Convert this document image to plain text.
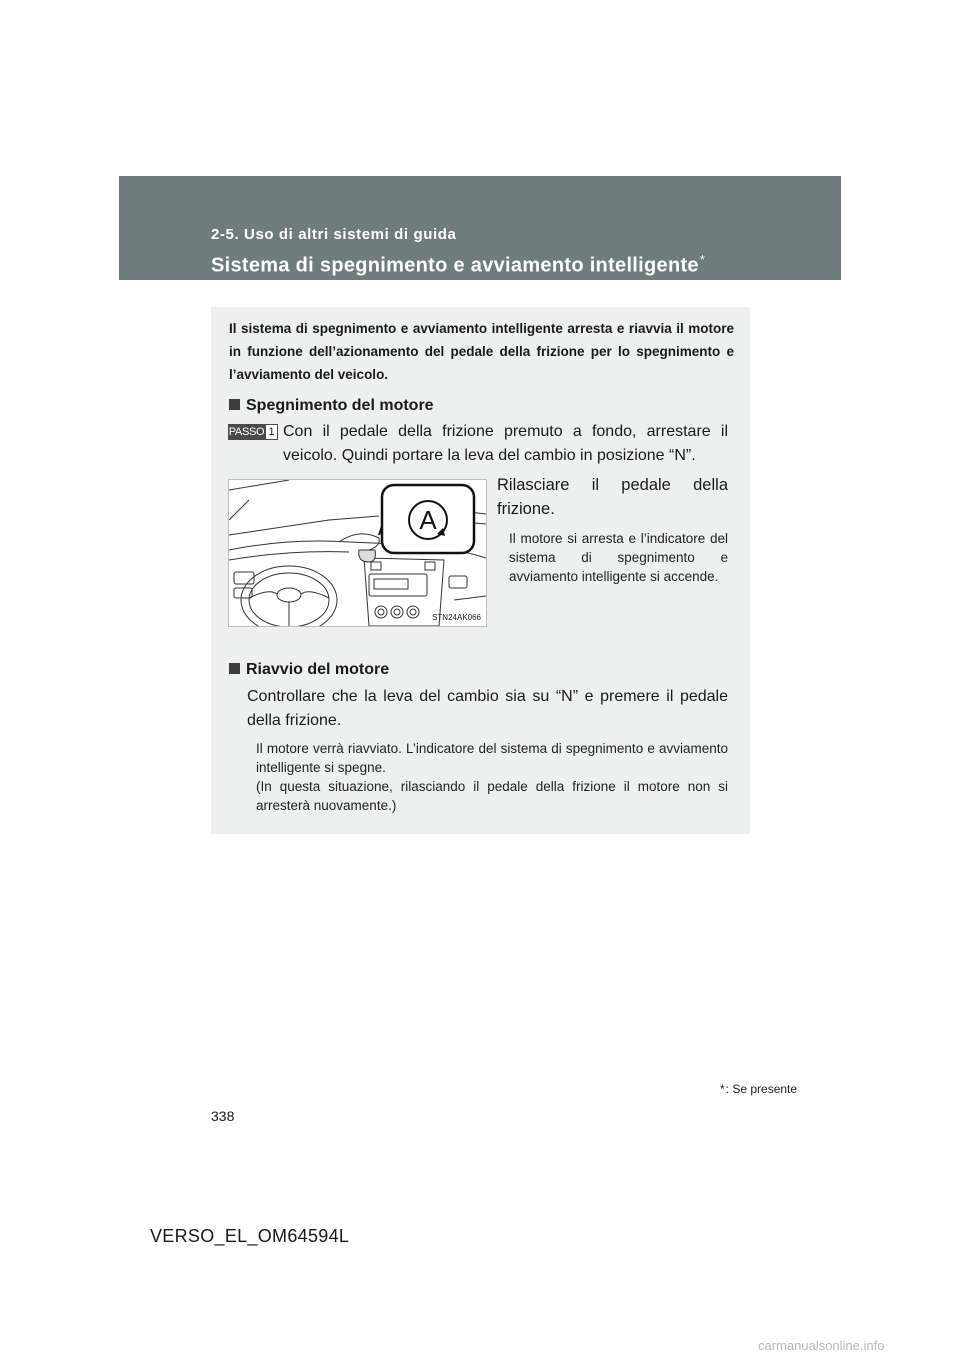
2-5. Uso di altri sistemi di guida
Sistema di spegnimento e avviamento intelligente*
Il sistema di spegnimento e avviamento intelligente arresta e riavvia il motore in funzione dell’azionamento del pedale della frizione per lo spegnimento e l’avviamento del veicolo.
Spegnimento del motore
PASSO 1 Con il pedale della frizione premuto a fondo, arrestare il veicolo. Quindi portare la leva del cambio in posizione “N”.
A
STN24AK066
Rilasciare il pedale della frizione.
Il motore si arresta e l’indicatore del sistema di spegnimento e avviamento intelligente si accende.
Riavvio del motore
Controllare che la leva del cambio sia su “N” e premere il pedale della frizione.
Il motore verrà riavviato. L’indicatore del sistema di spegnimento e avviamento intelligente si spegne.
(In questa situazione, rilasciando il pedale della frizione il motore non si arresterà nuovamente.)
*: Se presente
338
VERSO_EL_OM64594L
carmanualsonline.info
